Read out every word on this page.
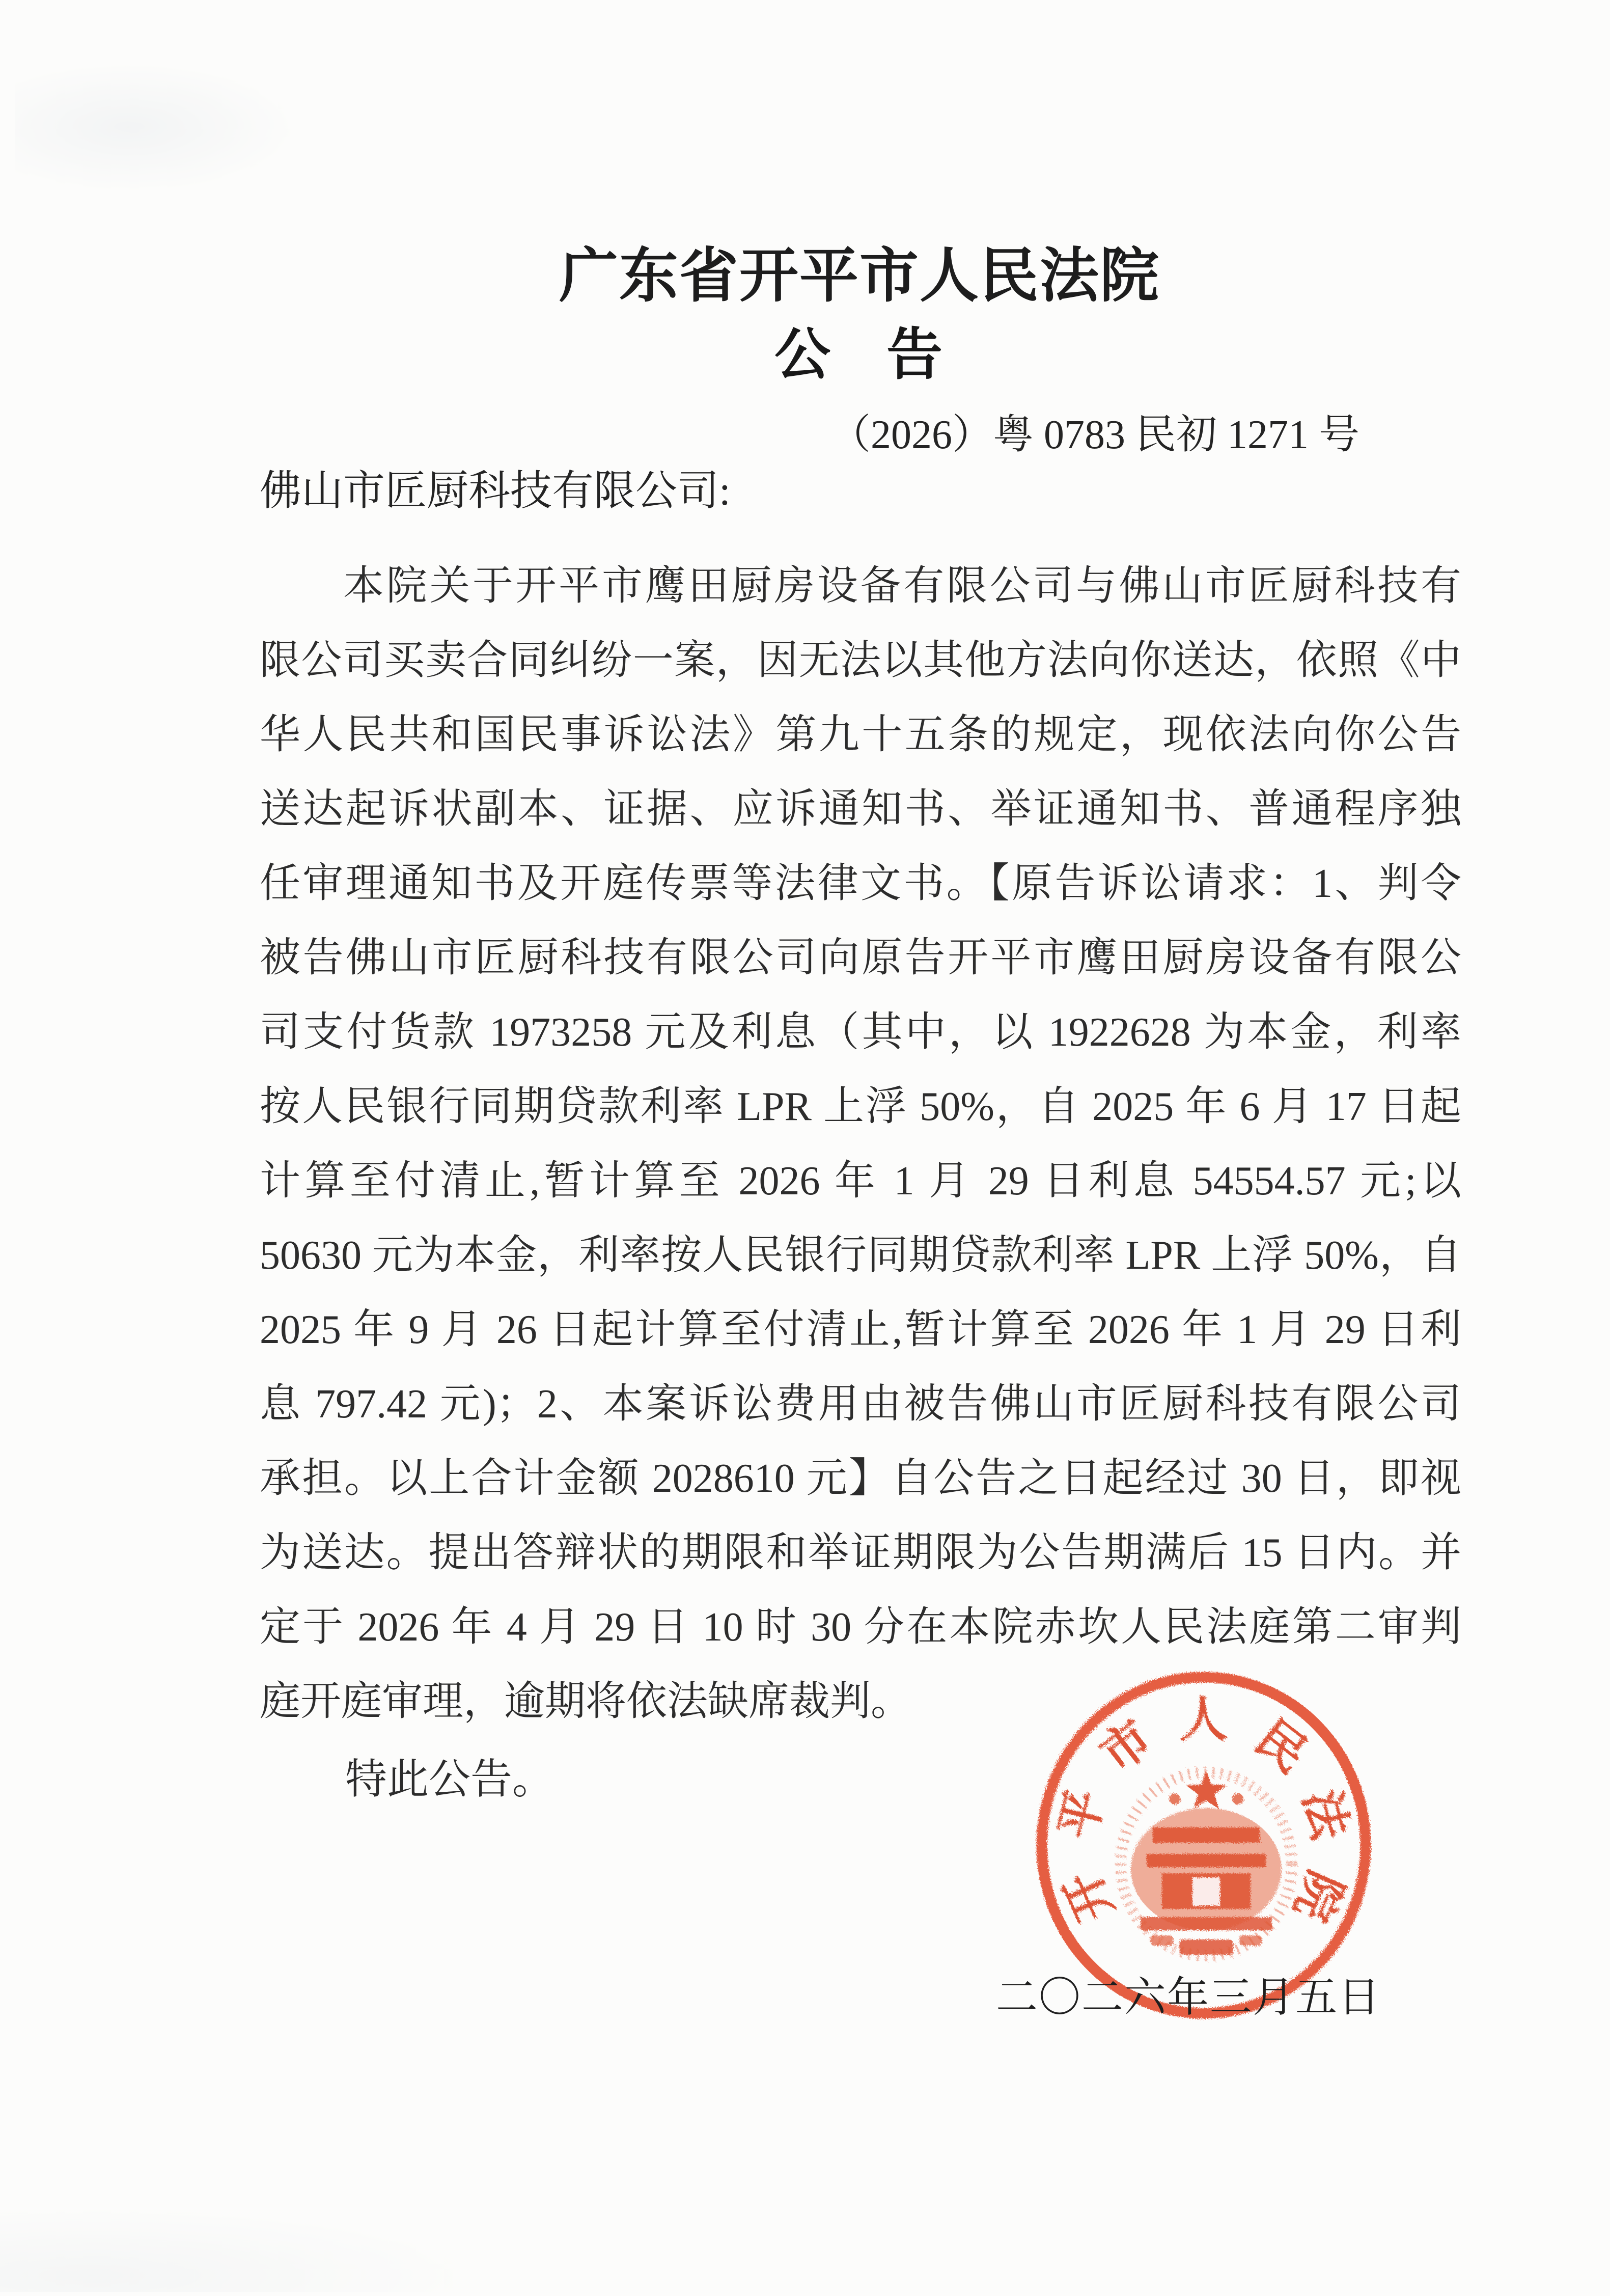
广东省开平市人民法院
公　告
（2026）粤 0783 民初 1271 号
佛山市匠厨科技有限公司:
本院关于开平市鹰田厨房设备有限公司与佛山市匠厨科技有
限公司买卖合同纠纷一案，因无法以其他方法向你送达，依照《中
华人民共和国民事诉讼法》第九十五条的规定，现依法向你公告
送达起诉状副本、证据、应诉通知书、举证通知书、普通程序独
任审理通知书及开庭传票等法律文书。【原告诉讼请求：1、判令
被告佛山市匠厨科技有限公司向原告开平市鹰田厨房设备有限公
司支付货款 1973258 元及利息（其中，以 1922628 为本金，利率
按人民银行同期贷款利率 LPR 上浮 50%，自 2025 年 6 月 17 日起
计算至付清止,暂计算至 2026 年 1 月 29 日利息 54554.57 元;以
50630 元为本金，利率按人民银行同期贷款利率 LPR 上浮 50%，自
2025 年 9 月 26 日起计算至付清止,暂计算至 2026 年 1 月 29 日利
息 797.42 元)；2、本案诉讼费用由被告佛山市匠厨科技有限公司
承担。以上合计金额 2028610 元】自公告之日起经过 30 日，即视
为送达。提出答辩状的期限和举证期限为公告期满后 15 日内。并
定于 2026 年 4 月 29 日 10 时 30 分在本院赤坎人民法庭第二审判
庭开庭审理，逾期将依法缺席裁判。
特此公告。
开
平
市 人 民
法
院
二〇二六年三月五日
